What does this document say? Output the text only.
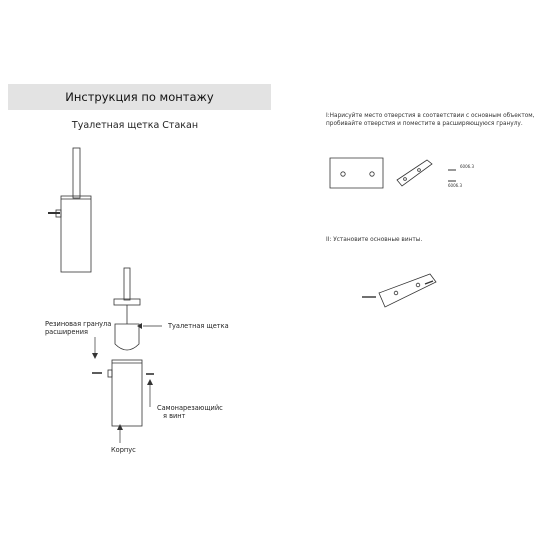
Инструкция по монтажу
Туалетная щетка Стакан
Резиновая гранула
расширения
Туалетная щетка
Самонарезающийс
я винт
Корпус
I:Нарисуйте место отверстия в соответствии с основным объектом,
пробивайте отверстия и поместите в расширяющуюся гранулу.
II: Установите основные винты.
6006.3
6006.3
